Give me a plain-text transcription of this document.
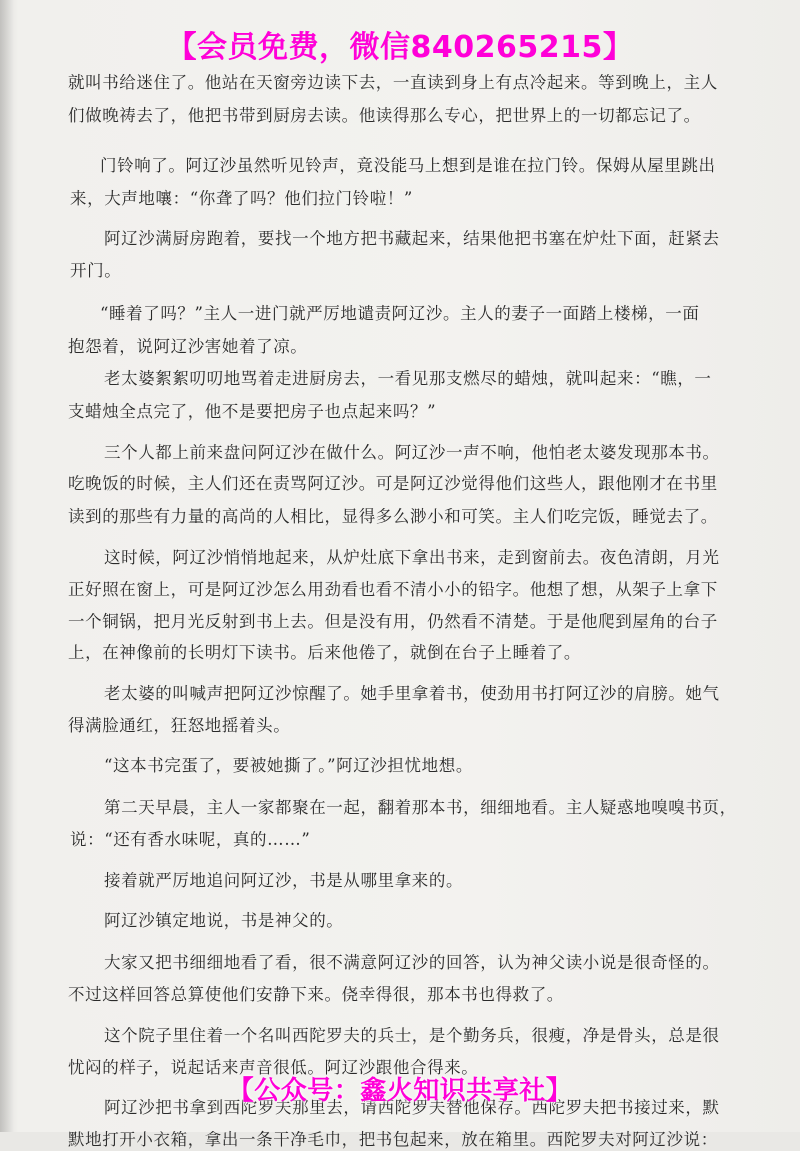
【会员免费，微信840265215】
就叫书给迷住了。他站在天窗旁边读下去，一直读到身上有点冷起来。等到晚上，主人
们做晚祷去了，他把书带到厨房去读。他读得那么专心，把世界上的一切都忘记了。
门铃响了。阿辽沙虽然听见铃声，竟没能马上想到是谁在拉门铃。保姆从屋里跳出
来，大声地嚷：“你聋了吗？他们拉门铃啦！”
阿辽沙满厨房跑着，要找一个地方把书藏起来，结果他把书塞在炉灶下面，赶紧去
开门。
“睡着了吗？”主人一进门就严厉地谴责阿辽沙。主人的妻子一面踏上楼梯，一面
抱怨着，说阿辽沙害她着了凉。
老太婆絮絮叨叨地骂着走进厨房去，一看见那支燃尽的蜡烛，就叫起来：“瞧，一
支蜡烛全点完了，他不是要把房子也点起来吗？”
三个人都上前来盘问阿辽沙在做什么。阿辽沙一声不响，他怕老太婆发现那本书。
吃晚饭的时候，主人们还在责骂阿辽沙。可是阿辽沙觉得他们这些人，跟他刚才在书里
读到的那些有力量的高尚的人相比，显得多么渺小和可笑。主人们吃完饭，睡觉去了。
这时候，阿辽沙悄悄地起来，从炉灶底下拿出书来，走到窗前去。夜色清朗，月光
正好照在窗上，可是阿辽沙怎么用劲看也看不清小小的铅字。他想了想，从架子上拿下
一个铜锅，把月光反射到书上去。但是没有用，仍然看不清楚。于是他爬到屋角的台子
上，在神像前的长明灯下读书。后来他倦了，就倒在台子上睡着了。
老太婆的叫喊声把阿辽沙惊醒了。她手里拿着书，使劲用书打阿辽沙的肩膀。她气
得满脸通红，狂怒地摇着头。
“这本书完蛋了，要被她撕了。”阿辽沙担忧地想。
第二天早晨，主人一家都聚在一起，翻着那本书，细细地看。主人疑惑地嗅嗅书页，
说：“还有香水味呢，真的……”
接着就严厉地追问阿辽沙，书是从哪里拿来的。
阿辽沙镇定地说，书是神父的。
大家又把书细细地看了看，很不满意阿辽沙的回答，认为神父读小说是很奇怪的。
不过这样回答总算使他们安静下来。侥幸得很，那本书也得救了。
这个院子里住着一个名叫西陀罗夫的兵士，是个勤务兵，很瘦，净是骨头，总是很
忧闷的样子，说起话来声音很低。阿辽沙跟他合得来。
阿辽沙把书拿到西陀罗夫那里去，请西陀罗夫替他保存。西陀罗夫把书接过来，默
默地打开小衣箱，拿出一条干净毛巾，把书包起来，放在箱里。西陀罗夫对阿辽沙说：
【公众号：鑫火知识共享社】
